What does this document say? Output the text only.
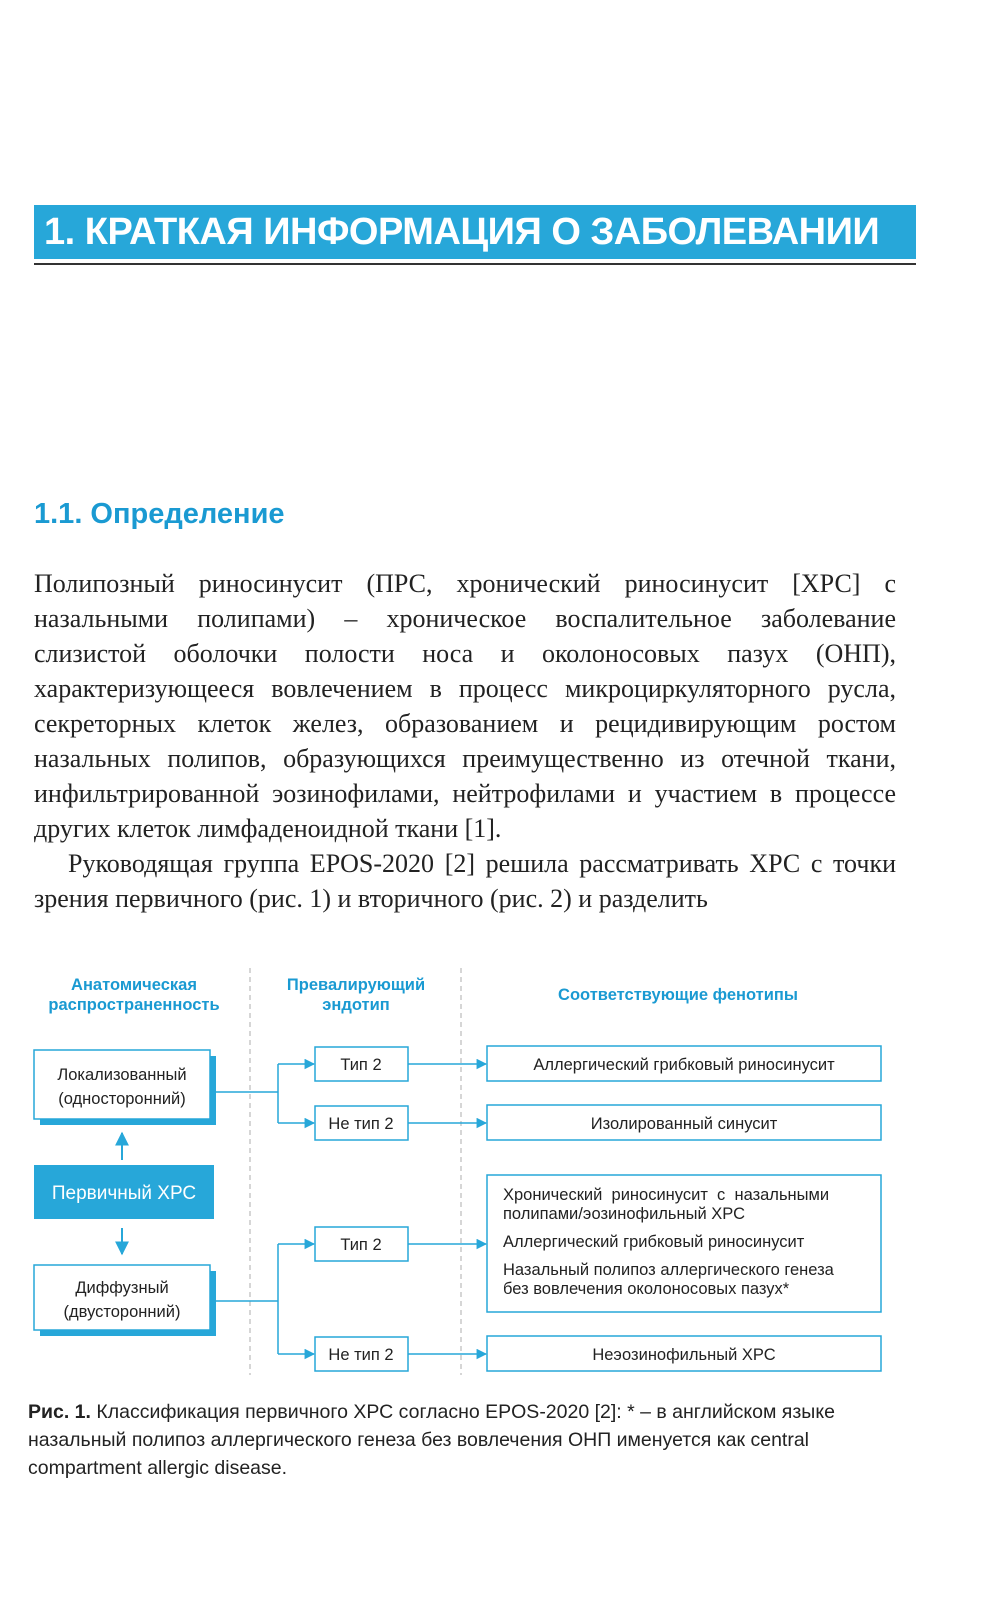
1. КРАТКАЯ ИНФОРМАЦИЯ О ЗАБОЛЕВАНИИ
1.1. Определение

Полипозный риносинусит (ПРС, хронический риносинусит [ХРС] с назальными полипами) – хроническое воспалительное заболевание слизистой оболочки полости носа и околоносовых пазух (ОНП), характеризующееся вовлечением в процесс микроциркуляторного русла, секреторных клеток желез, образованием и рецидивирующим ростом назальных полипов, образующихся преимущественно из отечной ткани, инфильтрированной эозинофилами, нейтрофилами и участием в процессе других клеток лимфаденоидной ткани [1].

Руководящая группа EPOS-2020 [2] решила рассматривать ХРС с точки зрения первичного (рис. 1) и вторичного (рис. 2) и разделить

Анатомическая
распространенность
Превалирующий
эндотип
Соответствующие фенотипы
Локализованный
(односторонний)
Первичный ХРС
Диффузный
(двусторонний)
Тип 2
Не тип 2
Тип 2
Не тип 2
Аллергический грибковый риносинусит
Изолированный синусит
Хронический  риносинусит  с  назальными
полипами/эозинофильный ХРС
Аллергический грибковый риносинусит
Назальный полипоз аллергического генеза
без вовлечения околоносовых пазух*
Неэозинофильный ХРС
Рис. 1. Классификация первичного ХРС согласно EPOS-2020 [2]: * – в английском языке назальный полипоз аллергического генеза без вовлечения ОНП именуется как central compartment allergic disease.
